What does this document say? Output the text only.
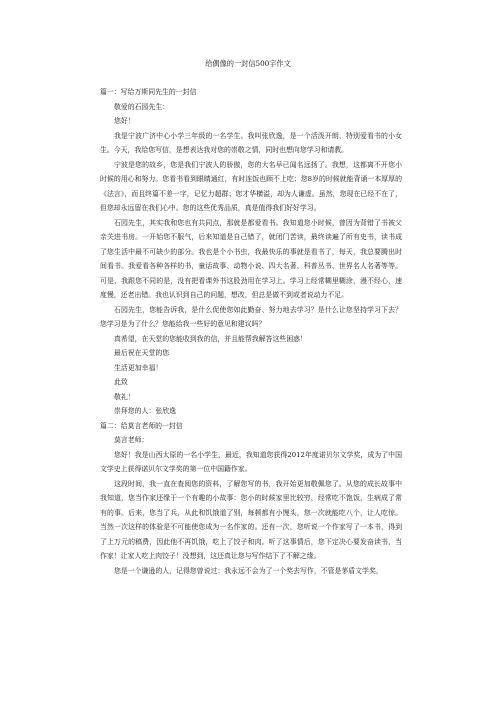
给偶像的一封信500字作文

篇一：写给万斯同先生的一封信

敬爱的石园先生：

您好！

我是宁波广济中心小学三年级的一名学生。我叫张欣逸，是一个活泼开朗、特别爱看书的小女生。今天，我给您写信，是想表达我对您的崇敬之情，同时也想向您学习和请教。

宁波是您的故乡，您是我们宁波人的骄傲，您的大名早已闻名远扬了。我想，这都离不开您小时候的用心和努力。您看书看到眼睛通红，有时连饭也顾不上吃；您8岁的时候就能背诵一本厚厚的《法言》，而且终篇不差一字，记忆力超群；您才华横溢，却为人谦虚。虽然，您现在已经不在了，但您却永远留在我们心中。您的这些优秀品质，真是值得我们好好学习。

石园先生，其实我和您也有共同点，那就是都爱看书。我知道您小时候，曾因为背错了书被父亲关进书房。一开始您不服气，后来知道是自己错了，就闭门苦读，最终读遍了所有史书，读书成了您生活中最不可缺少的部分。我也是个小书虫，我最快乐的事就是看书了，每天，我总要腾出时间看书。我爱看各种各样的书，童话故事、动物小说、四大名著、科普丛书、世界名人名著等等。可是，我跟您不同的是，没有把看课外书这股劲用在学习上。学习上经常糊里糊涂，漫不经心，速度慢，还老出错。我也认识到自己的问题，想改，但总是做不到或者说动力不足。

石园先生，您能告诉我，是什么促使您如此勤奋、努力地去学习？是什么让您坚持学习下去？您学习是为了什么？您能给我一些好的意见和建议吗？

真希望，在天堂的您能收到我的信，并且能帮我解答这些困惑！

最后祝在天堂的您

生活更加幸福！

此致

敬礼！

崇拜您的人：张欣逸

篇二：给莫言老师的一封信

莫言老师：

您好！我是山西太原的一名小学生，最近，我知道您获得2012年度诺贝尔文学奖，成为了中国文学史上获得诺贝尔文学奖的第一位中国籍作家。

这段时间，我一直在查阅您的资料，了解您写的书，我开始更加敬佩您了。从您的成长故事中我知道，您当作家还缘于一个有趣的小故事：您小的时候家里比较穷，经常吃不饱饭，生病成了常有的事。后来，您当了兵，从此和饥饿道了别，每顿都有小馒头，您一次就能吃八个，让人吃惊。当然一次这样的体验是不可能使您成为一名作家的。还有一次，您听说一个作家写了一本书，得到了上万元的稿费，因此他不再饥饿，吃上了饺子和肉。听了这事情后，您下定决心要发奋读书，当作家！让家人吃上肉饺子！没想到，这还真让您与写作结下了不解之缘。

您是一个谦逊的人，记得您曾说过：我永远不会为了一个奖去写作，不管是茅盾文学奖，
